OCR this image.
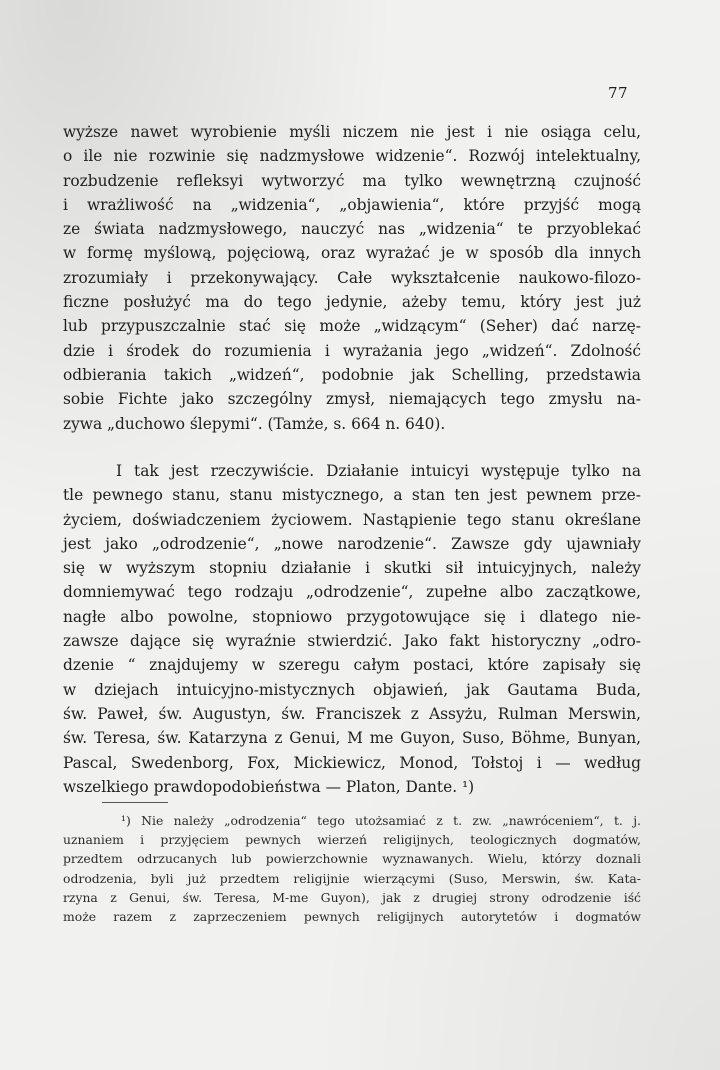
77
wyższe nawet wyrobienie myśli niczem nie jest i nie osiąga celu,
o ile nie rozwinie się nadzmysłowe widzenie“. Rozwój intelektualny,
rozbudzenie refleksyi wytworzyć ma tylko wewnętrzną czujność
i wrażliwość na „widzenia“, „objawienia“, które przyjść mogą
ze świata nadzmysłowego, nauczyć nas „widzenia“ te przyoblekać
w formę myślową, pojęciową, oraz wyrażać je w sposób dla innych
zrozumiały i przekonywający. Całe wykształcenie naukowo-filozo-
ficzne posłużyć ma do tego jedynie, ażeby temu, który jest już
lub przypuszczalnie stać się może „widzącym“ (Seher) dać narzę-
dzie i środek do rozumienia i wyrażania jego „widzeń“. Zdolność
odbierania takich „widzeń“, podobnie jak Schelling, przedstawia
sobie Fichte jako szczególny zmysł, niemających tego zmysłu na-
zywa „duchowo ślepymi“. (Tamże, s. 664 n. 640).
I tak jest rzeczywiście. Działanie intuicyi występuje tylko na
tle pewnego stanu, stanu mistycznego, a stan ten jest pewnem prze-
życiem, doświadczeniem życiowem. Nastąpienie tego stanu określane
jest jako „odrodzenie“, „nowe narodzenie“. Zawsze gdy ujawniały
się w wyższym stopniu działanie i skutki sił intuicyjnych, należy
domniemywać tego rodzaju „odrodzenie“, zupełne albo zaczątkowe,
nagłe albo powolne, stopniowo przygotowujące się i dlatego nie-
zawsze dające się wyraźnie stwierdzić. Jako fakt historyczny „odro-
dzenie “ znajdujemy w szeregu całym postaci, które zapisały się
w dziejach intuicyjno-mistycznych objawień, jak Gautama Buda,
św. Paweł, św. Augustyn, św. Franciszek z Assyżu, Rulman Merswin,
św. Teresa, św. Katarzyna z Genui, M me Guyon, Suso, Böhme, Bunyan,
Pascal, Swedenborg, Fox, Mickiewicz, Monod, Tołstoj i — według
wszelkiego prawdopodobieństwa — Platon, Dante. ¹)
¹) Nie należy „odrodzenia“ tego utożsamiać z t. zw. „nawróceniem“, t. j.
uznaniem i przyjęciem pewnych wierzeń religijnych, teologicznych dogmatów,
przedtem odrzucanych lub powierzchownie wyznawanych. Wielu, którzy doznali
odrodzenia, byli już przedtem religijnie wierzącymi (Suso, Merswin, św. Kata-
rzyna z Genui, św. Teresa, M-me Guyon), jak z drugiej strony odrodzenie iść
może razem z zaprzeczeniem pewnych religijnych autorytetów i dogmatów
